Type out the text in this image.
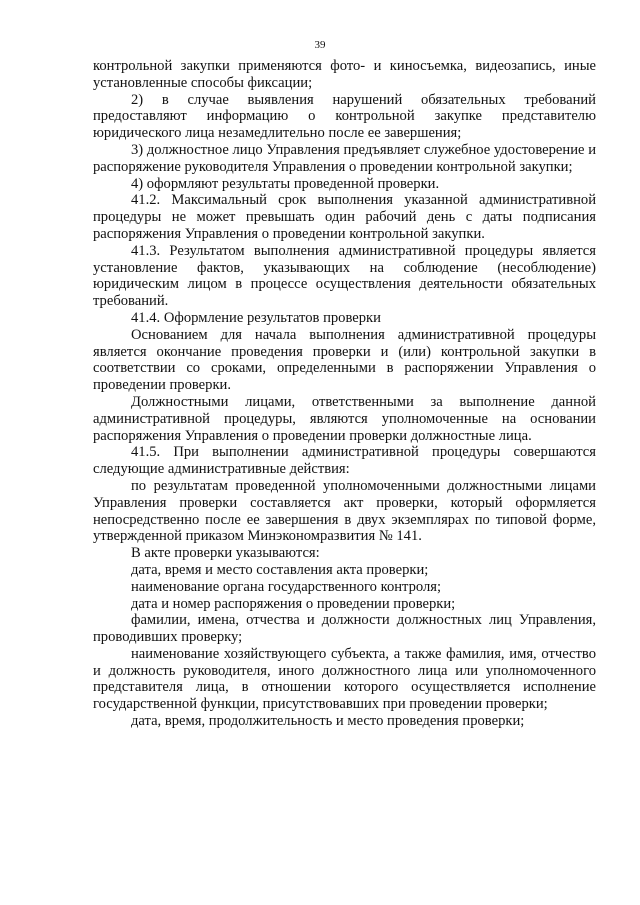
39

контрольной закупки применяются фото- и киносъемка, видеозапись, иные установленные способы фиксации;

2) в случае выявления нарушений обязательных требований предоставляют информацию о контрольной закупке представителю юридического лица незамедлительно после ее завершения;

3) должностное лицо Управления предъявляет служебное удостоверение и распоряжение руководителя Управления о проведении контрольной закупки;

4) оформляют результаты проведенной проверки.

41.2. Максимальный срок выполнения указанной административной процедуры не может превышать один рабочий день с даты подписания распоряжения Управления о проведении контрольной закупки.

41.3. Результатом выполнения административной процедуры является установление фактов, указывающих на соблюдение (несоблюдение) юридическим лицом в процессе осуществления деятельности обязательных требований.

41.4. Оформление результатов проверки

Основанием для начала выполнения административной процедуры является окончание проведения проверки и (или) контрольной закупки в соответствии со сроками, определенными в распоряжении Управления о проведении проверки.

Должностными лицами, ответственными за выполнение данной административной процедуры, являются уполномоченные на основании распоряжения Управления о проведении проверки должностные лица.

41.5. При выполнении административной процедуры совершаются следующие административные действия:

по результатам проведенной уполномоченными должностными лицами Управления проверки составляется акт проверки, который оформляется непосредственно после ее завершения в двух экземплярах по типовой форме, утвержденной приказом Минэкономразвития № 141.

В акте проверки указываются:

дата, время и место составления акта проверки;

наименование органа государственного контроля;

дата и номер распоряжения о проведении проверки;

фамилии, имена, отчества и должности должностных лиц Управления, проводивших проверку;

наименование хозяйствующего субъекта, а также фамилия, имя, отчество и должность руководителя, иного должностного лица или уполномоченного представителя лица, в отношении которого осуществляется исполнение государственной функции, присутствовавших при проведении проверки;

дата, время, продолжительность и место проведения проверки;
